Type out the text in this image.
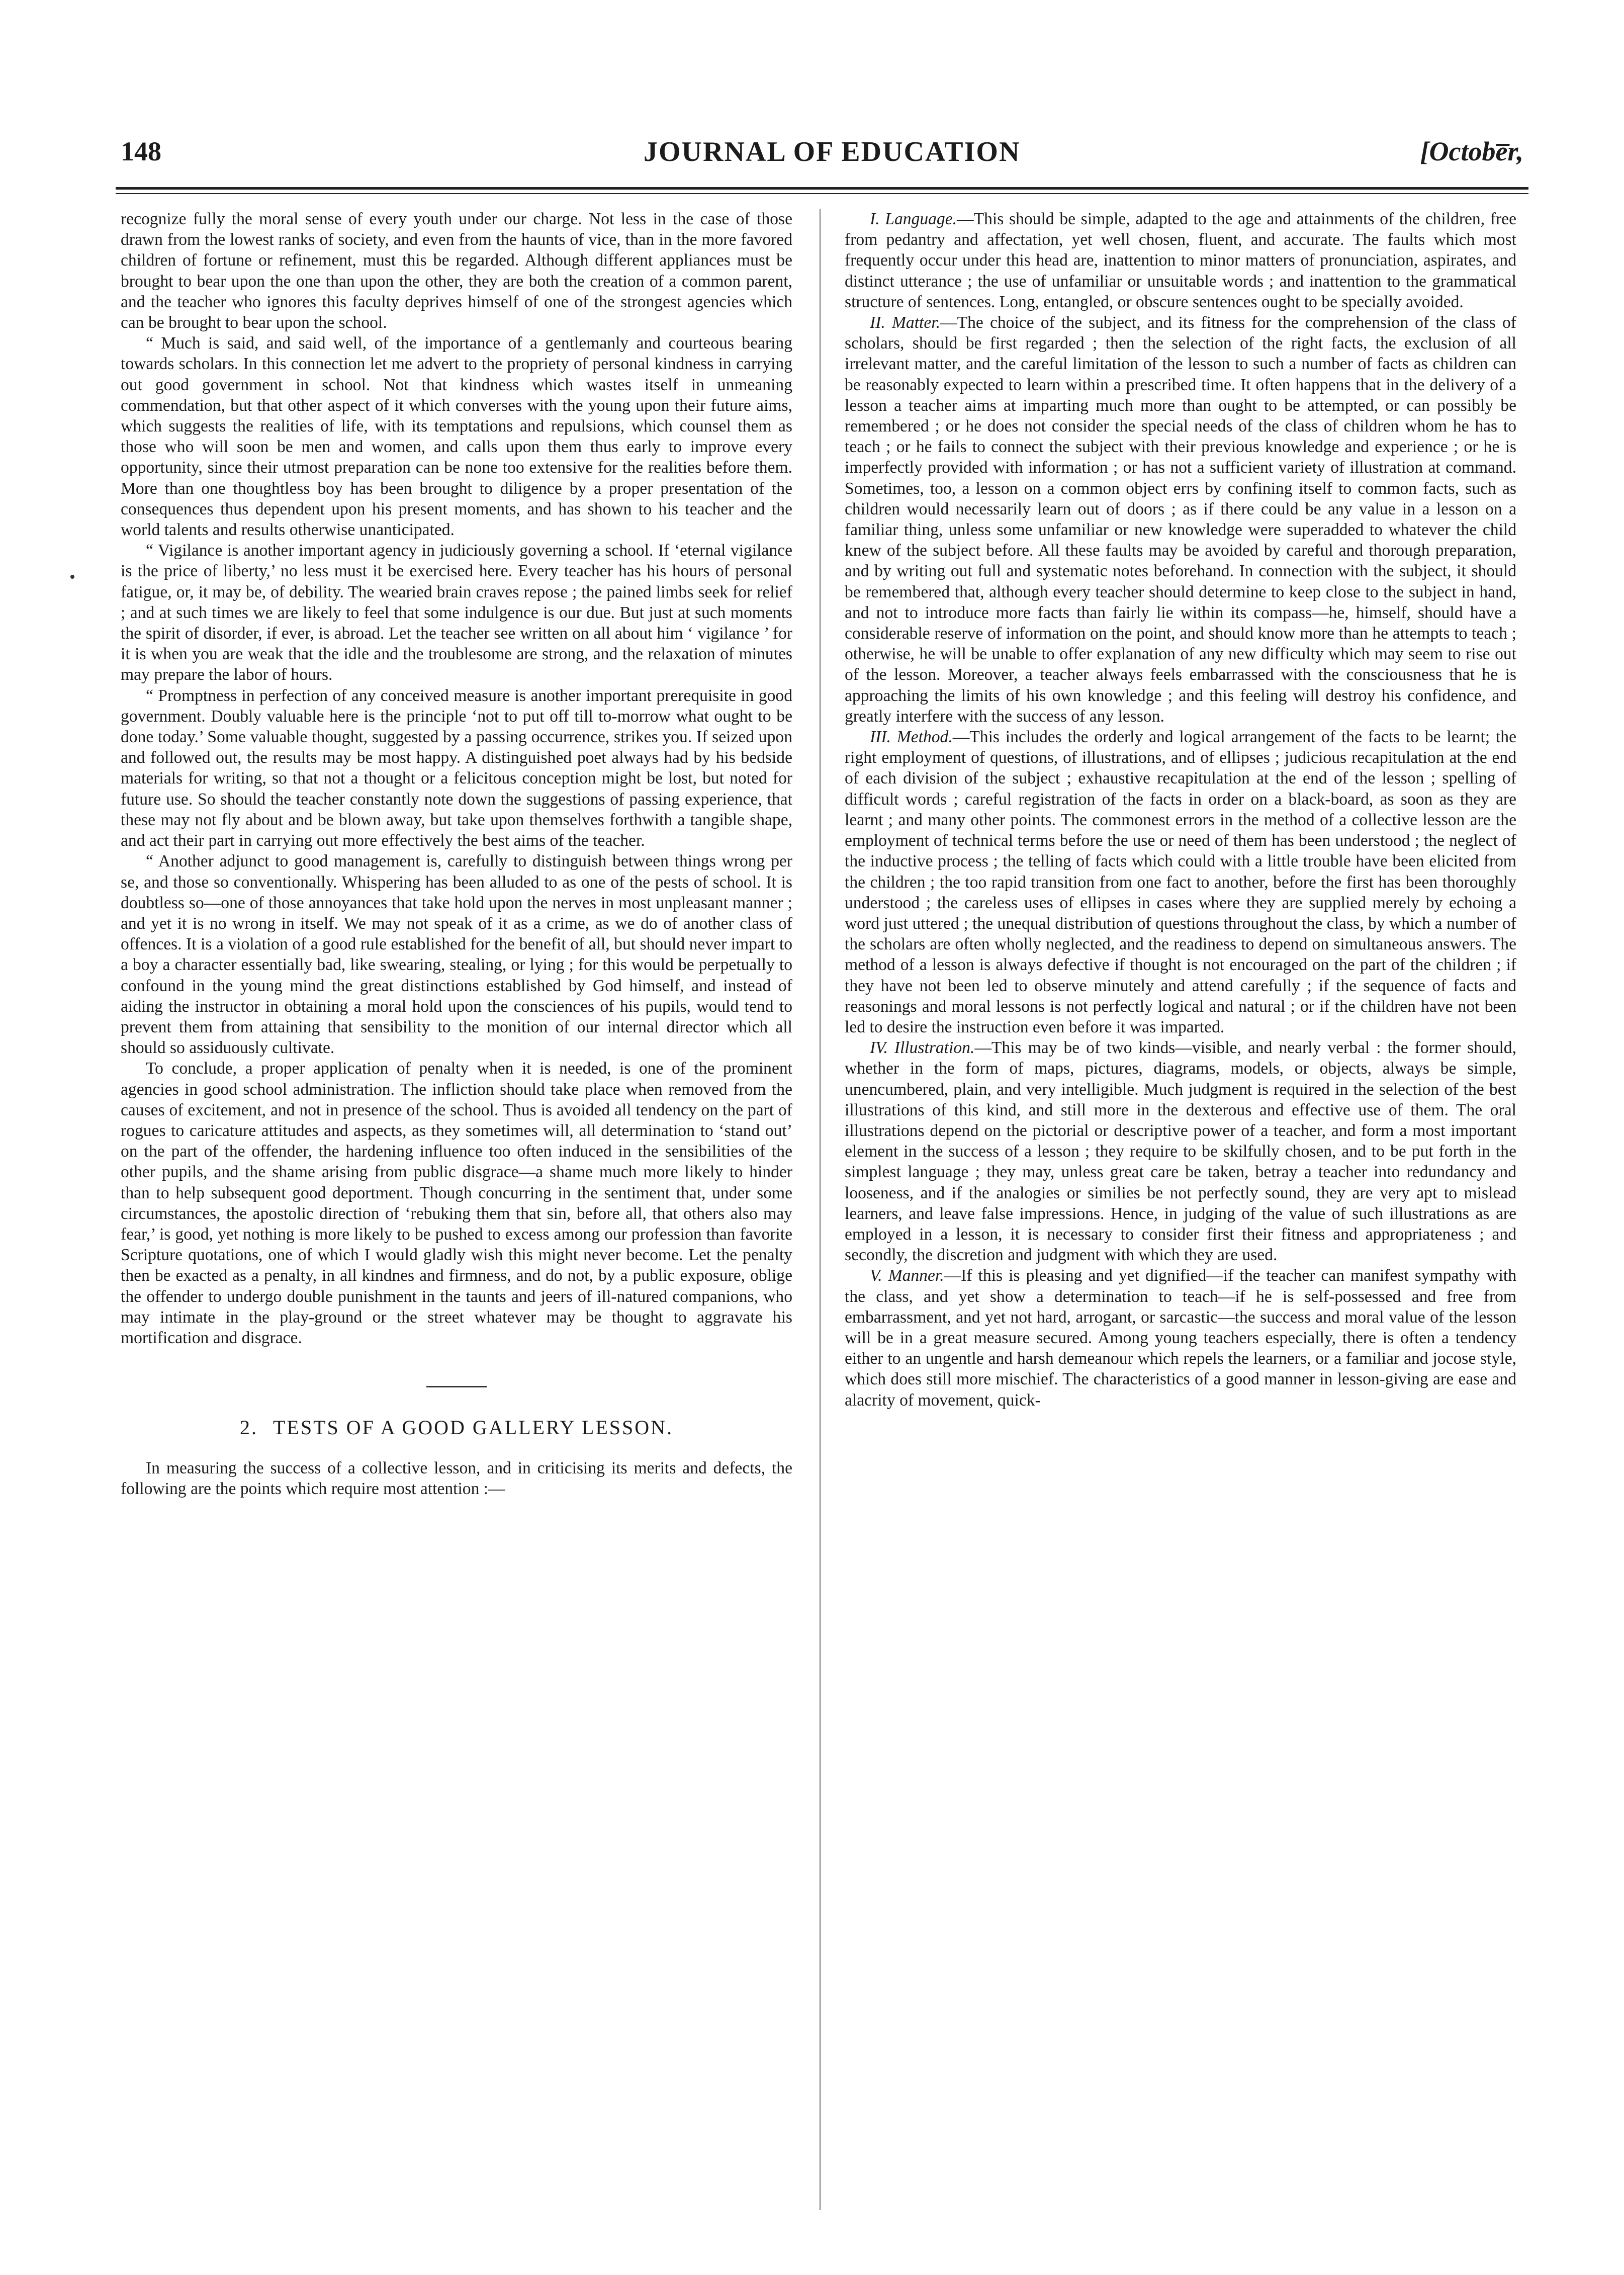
148	JOURNAL OF EDUCATION	[Octobe̅r,

recognize fully the moral sense of every youth under our charge. Not less in the case of those drawn from the lowest ranks of society, and even from the haunts of vice, than in the more favored children of fortune or refinement, must this be regarded. Although different appliances must be brought to bear upon the one than upon the other, they are both the creation of a common parent, and the teacher who ignores this faculty deprives himself of one of the strongest agencies which can be brought to bear upon the school.

“ Much is said, and said well, of the importance of a gentlemanly and courteous bearing towards scholars. In this connection let me advert to the propriety of personal kindness in carrying out good government in school. Not that kindness which wastes itself in unmeaning commendation, but that other aspect of it which converses with the young upon their future aims, which suggests the realities of life, with its temptations and repulsions, which counsel them as those who will soon be men and women, and calls upon them thus early to improve every opportunity, since their utmost preparation can be none too extensive for the realities before them. More than one thoughtless boy has been brought to diligence by a proper presentation of the consequences thus dependent upon his present moments, and has shown to his teacher and the world talents and results otherwise unanticipated.

“ Vigilance is another important agency in judiciously governing a school. If ‘eternal vigilance is the price of liberty,’ no less must it be exercised here. Every teacher has his hours of personal fatigue, or, it may be, of debility. The wearied brain craves repose ; the pained limbs seek for relief ; and at such times we are likely to feel that some indulgence is our due. But just at such moments the spirit of disorder, if ever, is abroad. Let the teacher see written on all about him ‘ vigilance ’ for it is when you are weak that the idle and the troublesome are strong, and the relaxation of minutes may prepare the labor of hours.

“ Promptness in perfection of any conceived measure is another important prerequisite in good government. Doubly valuable here is the principle ‘not to put off till to-morrow what ought to be done today.’ Some valuable thought, suggested by a passing occurrence, strikes you. If seized upon and followed out, the results may be most happy. A distinguished poet always had by his bedside materials for writing, so that not a thought or a felicitous conception might be lost, but noted for future use. So should the teacher constantly note down the suggestions of passing experience, that these may not fly about and be blown away, but take upon themselves forthwith a tangible shape, and act their part in carrying out more effectively the best aims of the teacher.

“ Another adjunct to good management is, carefully to distinguish between things wrong per se, and those so conventionally. Whispering has been alluded to as one of the pests of school. It is doubtless so—one of those annoyances that take hold upon the nerves in most unpleasant manner ; and yet it is no wrong in itself. We may not speak of it as a crime, as we do of another class of offences. It is a violation of a good rule established for the benefit of all, but should never impart to a boy a character essentially bad, like swearing, stealing, or lying ; for this would be perpetually to confound in the young mind the great distinctions established by God himself, and instead of aiding the instructor in obtaining a moral hold upon the consciences of his pupils, would tend to prevent them from attaining that sensibility to the monition of our internal director which all should so assiduously cultivate.

To conclude, a proper application of penalty when it is needed, is one of the prominent agencies in good school administration. The infliction should take place when removed from the causes of excitement, and not in presence of the school. Thus is avoided all tendency on the part of rogues to caricature attitudes and aspects, as they sometimes will, all determination to ‘stand out’ on the part of the offender, the hardening influence too often induced in the sensibilities of the other pupils, and the shame arising from public disgrace—a shame much more likely to hinder than to help subsequent good deportment. Though concurring in the sentiment that, under some circumstances, the apostolic direction of ‘rebuking them that sin, before all, that others also may fear,’ is good, yet nothing is more likely to be pushed to excess among our profession than favorite Scripture quotations, one of which I would gladly wish this might never become. Let the penalty then be exacted as a penalty, in all kindnes and firmness, and do not, by a public exposure, oblige the offender to undergo double punishment in the taunts and jeers of ill-natured companions, who may intimate in the play-ground or the street whatever may be thought to aggravate his mortification and disgrace.

2. TESTS OF A GOOD GALLERY LESSON.

In measuring the success of a collective lesson, and in criticising its merits and defects, the following are the points which require most attention :—

I. Language.—This should be simple, adapted to the age and attainments of the children, free from pedantry and affectation, yet well chosen, fluent, and accurate. The faults which most frequently occur under this head are, inattention to minor matters of pronunciation, aspirates, and distinct utterance ; the use of unfamiliar or unsuitable words ; and inattention to the grammatical structure of sentences. Long, entangled, or obscure sentences ought to be specially avoided.

II. Matter.—The choice of the subject, and its fitness for the comprehension of the class of scholars, should be first regarded ; then the selection of the right facts, the exclusion of all irrelevant matter, and the careful limitation of the lesson to such a number of facts as children can be reasonably expected to learn within a prescribed time. It often happens that in the delivery of a lesson a teacher aims at imparting much more than ought to be attempted, or can possibly be remembered ; or he does not consider the special needs of the class of children whom he has to teach ; or he fails to connect the subject with their previous knowledge and experience ; or he is imperfectly provided with information ; or has not a sufficient variety of illustration at command. Sometimes, too, a lesson on a common object errs by confining itself to common facts, such as children would necessarily learn out of doors ; as if there could be any value in a lesson on a familiar thing, unless some unfamiliar or new knowledge were superadded to whatever the child knew of the subject before. All these faults may be avoided by careful and thorough preparation, and by writing out full and systematic notes beforehand. In connection with the subject, it should be remembered that, although every teacher should determine to keep close to the subject in hand, and not to introduce more facts than fairly lie within its compass—he, himself, should have a considerable reserve of information on the point, and should know more than he attempts to teach ; otherwise, he will be unable to offer explanation of any new difficulty which may seem to rise out of the lesson. Moreover, a teacher always feels embarrassed with the consciousness that he is approaching the limits of his own knowledge ; and this feeling will destroy his confidence, and greatly interfere with the success of any lesson.

III. Method.—This includes the orderly and logical arrangement of the facts to be learnt; the right employment of questions, of illustrations, and of ellipses ; judicious recapitulation at the end of each division of the subject ; exhaustive recapitulation at the end of the lesson ; spelling of difficult words ; careful registration of the facts in order on a black-board, as soon as they are learnt ; and many other points. The commonest errors in the method of a collective lesson are the employment of technical terms before the use or need of them has been understood ; the neglect of the inductive process ; the telling of facts which could with a little trouble have been elicited from the children ; the too rapid transition from one fact to another, before the first has been thoroughly understood ; the careless uses of ellipses in cases where they are supplied merely by echoing a word just uttered ; the unequal distribution of questions throughout the class, by which a number of the scholars are often wholly neglected, and the readiness to depend on simultaneous answers. The method of a lesson is always defective if thought is not encouraged on the part of the children ; if they have not been led to observe minutely and attend carefully ; if the sequence of facts and reasonings and moral lessons is not perfectly logical and natural ; or if the children have not been led to desire the instruction even before it was imparted.

IV. Illustration.—This may be of two kinds—visible, and nearly verbal : the former should, whether in the form of maps, pictures, diagrams, models, or objects, always be simple, unencumbered, plain, and very intelligible. Much judgment is required in the selection of the best illustrations of this kind, and still more in the dexterous and effective use of them. The oral illustrations depend on the pictorial or descriptive power of a teacher, and form a most important element in the success of a lesson ; they require to be skilfully chosen, and to be put forth in the simplest language ; they may, unless great care be taken, betray a teacher into redundancy and looseness, and if the analogies or similies be not perfectly sound, they are very apt to mislead learners, and leave false impressions. Hence, in judging of the value of such illustrations as are employed in a lesson, it is necessary to consider first their fitness and appropriateness ; and secondly, the discretion and judgment with which they are used.

V. Manner.—If this is pleasing and yet dignified—if the teacher can manifest sympathy with the class, and yet show a determination to teach—if he is self-possessed and free from embarrassment, and yet not hard, arrogant, or sarcastic—the success and moral value of the lesson will be in a great measure secured. Among young teachers especially, there is often a tendency either to an ungentle and harsh demeanour which repels the learners, or a familiar and jocose style, which does still more mischief. The characteristics of a good manner in lesson-giving are ease and alacrity of movement, quick-
